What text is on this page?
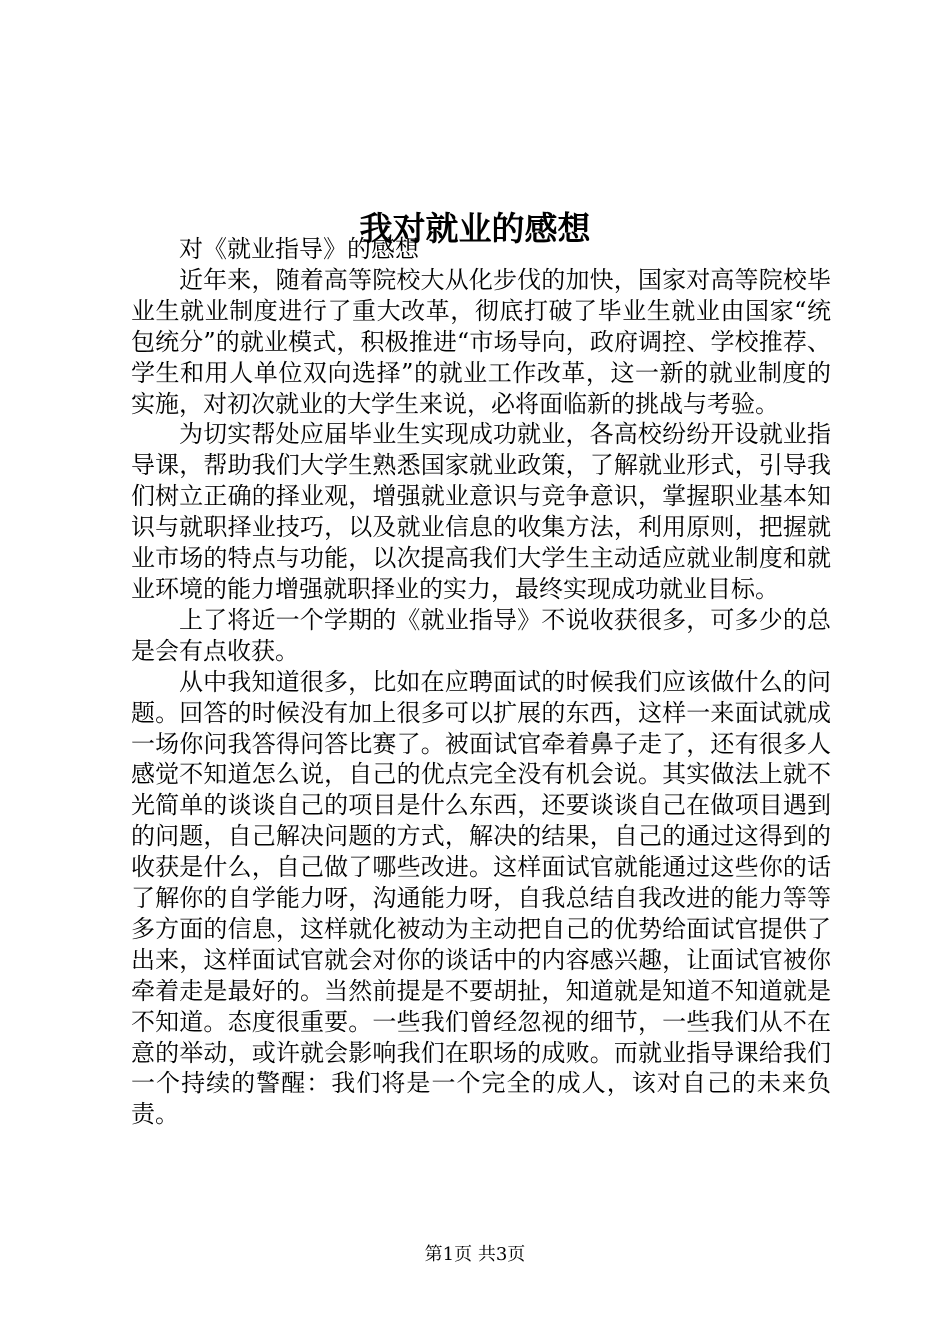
我对就业的感想

对《就业指导》的感想

近年来，随着高等院校大从化步伐的加快，国家对高等院校毕业生就业制度进行了重大改革，彻底打破了毕业生就业由国家“统包统分”的就业模式，积极推进“市场导向，政府调控、学校推荐、学生和用人单位双向选择”的就业工作改革，这一新的就业制度的实施，对初次就业的大学生来说，必将面临新的挑战与考验。

为切实帮处应届毕业生实现成功就业，各高校纷纷开设就业指导课，帮助我们大学生熟悉国家就业政策，了解就业形式，引导我们树立正确的择业观，增强就业意识与竞争意识，掌握职业基本知识与就职择业技巧，以及就业信息的收集方法，利用原则，把握就业市场的特点与功能，以次提高我们大学生主动适应就业制度和就业环境的能力增强就职择业的实力，最终实现成功就业目标。

上了将近一个学期的《就业指导》不说收获很多，可多少的总是会有点收获。

从中我知道很多，比如在应聘面试的时候我们应该做什么的问题。回答的时候没有加上很多可以扩展的东西，这样一来面试就成一场你问我答得问答比赛了。被面试官牵着鼻子走了，还有很多人感觉不知道怎么说，自己的优点完全没有机会说。其实做法上就不光简单的谈谈自己的项目是什么东西，还要谈谈自己在做项目遇到的问题，自己解决问题的方式，解决的结果，自己的通过这得到的收获是什么，自己做了哪些改进。这样面试官就能通过这些你的话了解你的自学能力呀，沟通能力呀，自我总结自我改进的能力等等多方面的信息，这样就化被动为主动把自己的优势给面试官提供了出来，这样面试官就会对你的谈话中的内容感兴趣，让面试官被你牵着走是最好的。当然前提是不要胡扯，知道就是知道不知道就是不知道。态度很重要。一些我们曾经忽视的细节，一些我们从不在意的举动，或许就会影响我们在职场的成败。而就业指导课给我们一个持续的警醒：我们将是一个完全的成人，该对自己的未来负责。

第1页 共3页
